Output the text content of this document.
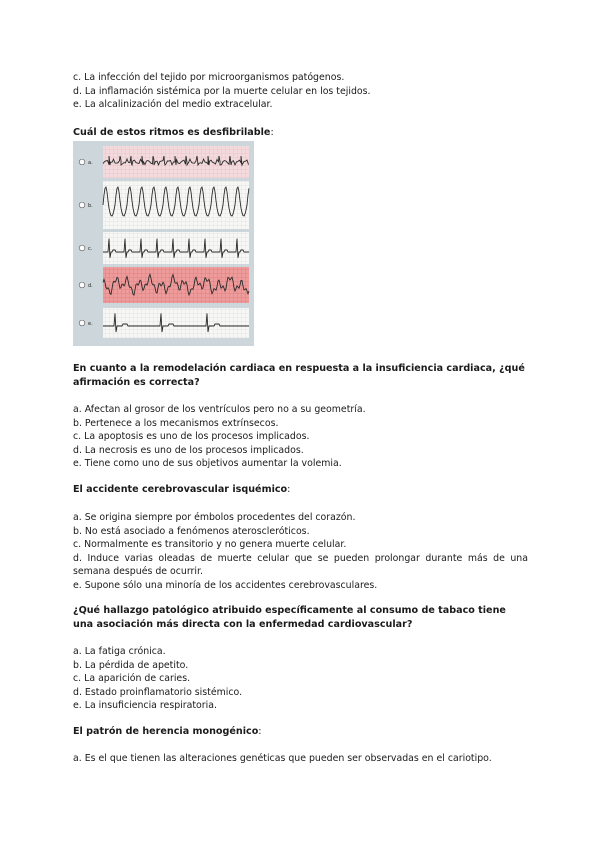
c. La infección del tejido por microorganismos patógenos.
d. La inflamación sistémica por la muerte celular en los tejidos.
e. La alcalinización del medio extracelular.
Cuál de estos ritmos es desfibrilable:
a.
b.
c.
d.
e.
En cuanto a la remodelación cardiaca en respuesta a la insuficiencia cardiaca, ¿qué afirmación es correcta?
a. Afectan al grosor de los ventrículos pero no a su geometría.
b. Pertenece a los mecanismos extrínsecos.
c. La apoptosis es uno de los procesos implicados.
d. La necrosis es uno de los procesos implicados.
e. Tiene como uno de sus objetivos aumentar la volemia.
El accidente cerebrovascular isquémico:
a. Se origina siempre por émbolos procedentes del corazón.
b. No está asociado a fenómenos ateroscleróticos.
c. Normalmente es transitorio y no genera muerte celular.
d. Induce varias oleadas de muerte celular que se pueden prolongar durante más de una semana después de ocurrir.
e. Supone sólo una minoría de los accidentes cerebrovasculares.
¿Qué hallazgo patológico atribuido específicamente al consumo de tabaco tiene una asociación más directa con la enfermedad cardiovascular?
a. La fatiga crónica.
b. La pérdida de apetito.
c. La aparición de caries.
d. Estado proinflamatorio sistémico.
e. La insuficiencia respiratoria.
El patrón de herencia monogénico:
a. Es el que tienen las alteraciones genéticas que pueden ser observadas en el cariotipo.
